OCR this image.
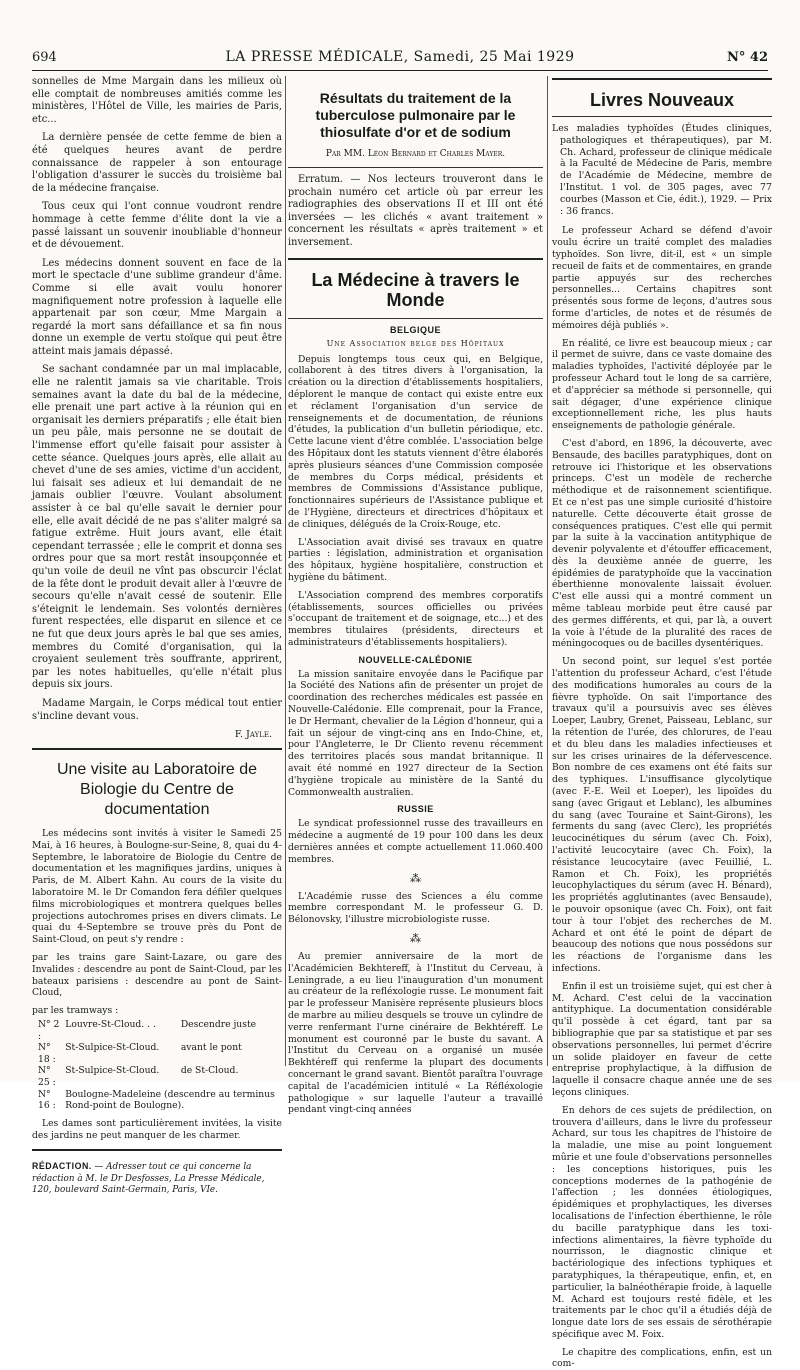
694	LA PRESSE MÉDICALE, Samedi, 25 Mai 1929	N° 42

sonnelles de Mme Margain dans les milieux où elle comptait de nombreuses amitiés comme les ministères, l'Hôtel de Ville, les mairies de Paris, etc...

La dernière pensée de cette femme de bien a été quelques heures avant de perdre connaissance de rappeler à son entourage l'obligation d'assurer le succès du troisième bal de la médecine française.

Tous ceux qui l'ont connue voudront rendre hommage à cette femme d'élite dont la vie a passé laissant un souvenir inoubliable d'honneur et de dévouement.

Les médecins donnent souvent en face de la mort le spectacle d'une sublime grandeur d'âme. Comme si elle avait voulu honorer magnifiquement notre profession à laquelle elle appartenait par son cœur, Mme Margain a regardé la mort sans défaillance et sa fin nous donne un exemple de vertu stoïque qui peut être atteint mais jamais dépassé.

Se sachant condamnée par un mal implacable, elle ne ralentit jamais sa vie charitable. Trois semaines avant la date du bal de la médecine, elle prenait une part active à la réunion qui en organisait les derniers préparatifs ; elle était bien un peu pâle, mais personne ne se doutait de l'immense effort qu'elle faisait pour assister à cette séance. Quelques jours après, elle allait au chevet d'une de ses amies, victime d'un accident, lui faisait ses adieux et lui demandait de ne jamais oublier l'œuvre. Voulant absolument assister à ce bal qu'elle savait le dernier pour elle, elle avait décidé de ne pas s'aliter malgré sa fatigue extrême. Huit jours avant, elle était cependant terrassée ; elle le comprit et donna ses ordres pour que sa mort restât insoupçonnée et qu'un voile de deuil ne vînt pas obscurcir l'éclat de la fête dont le produit devait aller à l'œuvre de secours qu'elle n'avait cessé de soutenir. Elle s'éteignit le lendemain. Ses volontés dernières furent respectées, elle disparut en silence et ce ne fut que deux jours après le bal que ses amies, membres du Comité d'organisation, qui la croyaient seulement très souffrante, apprirent, par les notes habituelles, qu'elle n'était plus depuis six jours.

Madame Margain, le Corps médical tout entier s'incline devant vous.

F. Jayle.
Une visite au Laboratoire de Biologie du Centre de documentation

Les médecins sont invités à visiter le Samedi 25 Mai, à 16 heures, à Boulogne-sur-Seine, 8, quai du 4-Septembre, le laboratoire de Biologie du Centre de documentation et les magnifiques jardins, uniques à Paris, de M. Albert Kahn. Au cours de la visite du laboratoire M. le Dr Comandon fera défiler quelques films microbiologiques et montrera quelques belles projections autochromes prises en divers climats. Le quai du 4-Septembre se trouve près du Pont de Saint-Cloud, on peut s'y rendre :

par les trains gare Saint-Lazare, ou gare des Invalides : descendre au pont de Saint-Cloud, par les bateaux parisiens : descendre au pont de Saint-Cloud,

par les tramways :

N° 2 :	Louvre-St-Cloud. . .	Descendre juste
N° 18 :	St-Sulpice-St-Cloud.	avant le pont
N° 25 :	St-Sulpice-St-Cloud.	de St-Cloud.
N° 16 :	Boulogne-Madeleine (descendre au terminus Rond-point de Boulogne).	

Les dames sont particulièrement invitées, la visite des jardins ne peut manquer de les charmer.

RÉDACTION. — Adresser tout ce qui concerne la rédaction à M. le Dr Desfosses, La Presse Médicale, 120, boulevard Saint-Germain, Paris, VIe.
Résultats du traitement de la tuberculose pulmonaire par le thiosulfate d'or et de sodium
Par MM. Léon Bernard et Charles Mayer.

Erratum. — Nos lecteurs trouveront dans le prochain numéro cet article où par erreur les radiographies des observations II et III ont été inversées — les clichés « avant traitement » concernent les résultats « après traitement » et inversement.

La Médecine à travers le Monde
BELGIQUE
Une Association belge des Hôpitaux

Depuis longtemps tous ceux qui, en Belgique, collaborent à des titres divers à l'organisation, la création ou la direction d'établissements hospitaliers, déplorent le manque de contact qui existe entre eux et réclament l'organisation d'un service de renseignements et de documentation, de réunions d'études, la publication d'un bulletin périodique, etc. Cette lacune vient d'être comblée. L'association belge des Hôpitaux dont les statuts viennent d'être élaborés après plusieurs séances d'une Commission composée de membres du Corps médical, présidents et membres de Commissions d'Assistance publique, fonctionnaires supérieurs de l'Assistance publique et de l'Hygiène, directeurs et directrices d'hôpitaux et de cliniques, délégués de la Croix-Rouge, etc.

L'Association avait divisé ses travaux en quatre parties : législation, administration et organisation des hôpitaux, hygiène hospitalière, construction et hygiène du bâtiment.

L'Association comprend des membres corporatifs (établissements, sources officielles ou privées s'occupant de traitement et de soignage, etc...) et des membres titulaires (présidents, directeurs et administrateurs d'établissements hospitaliers).

NOUVELLE-CALÉDONIE

La mission sanitaire envoyée dans le Pacifique par la Société des Nations afin de présenter un projet de coordination des recherches médicales est passée en Nouvelle-Calédonie. Elle comprenait, pour la France, le Dr Hermant, chevalier de la Légion d'honneur, qui a fait un séjour de vingt-cinq ans en Indo-Chine, et, pour l'Angleterre, le Dr Cliento revenu récemment des territoires placés sous mandat britannique. Il avait été nommé en 1927 directeur de la Section d'hygiène tropicale au ministère de la Santé du Commonwealth australien.

RUSSIE

Le syndicat professionnel russe des travailleurs en médecine a augmenté de 19 pour 100 dans les deux dernières années et compte actuellement 11.060.400 membres.

⁂

L'Académie russe des Sciences a élu comme membre correspondant M. le professeur G. D. Bélonovsky, l'illustre microbiologiste russe.

⁂

Au premier anniversaire de la mort de l'Académicien Bekhtereff, à l'Institut du Cerveau, à Leningrade, a eu lieu l'inauguration d'un monument au créateur de la refléxologie russe. Le monument fait par le professeur Manisère représente plusieurs blocs de marbre au milieu desquels se trouve un cylindre de verre renfermant l'urne cinéraire de Bekhtéreff. Le monument est couronné par le buste du savant. A l'Institut du Cerveau on a organisé un musée Bekhtéreff qui renferme la plupart des documents concernant le grand savant. Bientôt paraîtra l'ouvrage capital de l'académicien intitulé « La Réfléxologie pathologique » sur laquelle l'auteur a travaillé pendant vingt-cinq années

Livres Nouveaux
Les maladies typhoïdes (Études cliniques, pathologiques et thérapeutiques), par M. Ch. Achard, professeur de clinique médicale à la Faculté de Médecine de Paris, membre de l'Académie de Médecine, membre de l'Institut. 1 vol. de 305 pages, avec 77 courbes (Masson et Cie, édit.), 1929. — Prix : 36 francs.

Le professeur Achard se défend d'avoir voulu écrire un traité complet des maladies typhoïdes. Son livre, dit-il, est « un simple recueil de faits et de commentaires, en grande partie appuyés sur des recherches personnelles... Certains chapitres sont présentés sous forme de leçons, d'autres sous forme d'articles, de notes et de résumés de mémoires déjà publiés ».

En réalité, ce livre est beaucoup mieux ; car il permet de suivre, dans ce vaste domaine des maladies typhoïdes, l'activité déployée par le professeur Achard tout le long de sa carrière, et d'apprécier sa méthode si personnelle, qui sait dégager, d'une expérience clinique exceptionnellement riche, les plus hauts enseignements de pathologie générale.

C'est d'abord, en 1896, la découverte, avec Bensaude, des bacilles paratyphiques, dont on retrouve ici l'historique et les observations princeps. C'est un modèle de recherche méthodique et de raisonnement scientifique. Et ce n'est pas une simple curiosité d'histoire naturelle. Cette découverte était grosse de conséquences pratiques. C'est elle qui permit par la suite à la vaccination antityphique de devenir polyvalente et d'étouffer efficacement, dès la deuxième année de guerre, les épidémies de paratyphoïde que la vaccination éberthienne monovalente laissait évoluer. C'est elle aussi qui a montré comment un même tableau morbide peut être causé par des germes différents, et qui, par là, a ouvert la voie à l'étude de la pluralité des races de méningocoques ou de bacilles dysentériques.

Un second point, sur lequel s'est portée l'attention du professeur Achard, c'est l'étude des modifications humorales au cours de la fièvre typhoïde. On sait l'importance des travaux qu'il a poursuivis avec ses élèves Loeper, Laubry, Grenet, Paisseau, Leblanc, sur la rétention de l'urée, des chlorures, de l'eau et du bleu dans les maladies infectieuses et sur les crises urinaires de la défervescence. Bon nombre de ces examens ont été faits sur des typhiques. L'insuffisance glycolytique (avec F.-E. Weil et Loeper), les lipoïdes du sang (avec Grigaut et Leblanc), les albumines du sang (avec Touraine et Saint-Girons), les ferments du sang (avec Clerc), les propriétés leucocinétiques du sérum (avec Ch. Foix), l'activité leucocytaire (avec Ch. Foix), la résistance leucocytaire (avec Feuillié, L. Ramon et Ch. Foix), les propriétés leucophylactiques du sérum (avec H. Bénard), les propriétés agglutinantes (avec Bensaude), le pouvoir opsonique (avec Ch. Foix), ont fait tour à tour l'objet des recherches de M. Achard et ont été le point de départ de beaucoup des notions que nous possédons sur les réactions de l'organisme dans les infections.

Enfin il est un troisième sujet, qui est cher à M. Achard. C'est celui de la vaccination antityphique. La documentation considérable qu'il possède à cet égard, tant par sa bibliographie que par sa statistique et par ses observations personnelles, lui permet d'écrire un solide plaidoyer en faveur de cette entreprise prophylactique, à la diffusion de laquelle il consacre chaque année une de ses leçons cliniques.

En dehors de ces sujets de prédilection, on trouvera d'ailleurs, dans le livre du professeur Achard, sur tous les chapitres de l'histoire de la maladie, une mise au point longuement mûrie et une foule d'observations personnelles : les conceptions historiques, puis les conceptions modernes de la pathogénie de l'affection ; les données étiologiques, épidémiques et prophylactiques, les diverses localisations de l'infection éberthienne, le rôle du bacille paratyphique dans les toxi-infections alimentaires, la fièvre typhoïde du nourrisson, le diagnostic clinique et bactériologique des infections typhiques et paratyphiques, la thérapeutique, enfin, et, en particulier, la balnéothérapie froide, à laquelle M. Achard est toujours resté fidèle, et les traitements par le choc qu'il a étudiés déjà de longue date lors de ses essais de sérothérapie spécifique avec M. Foix.

Le chapitre des complications, enfin, est un com-
